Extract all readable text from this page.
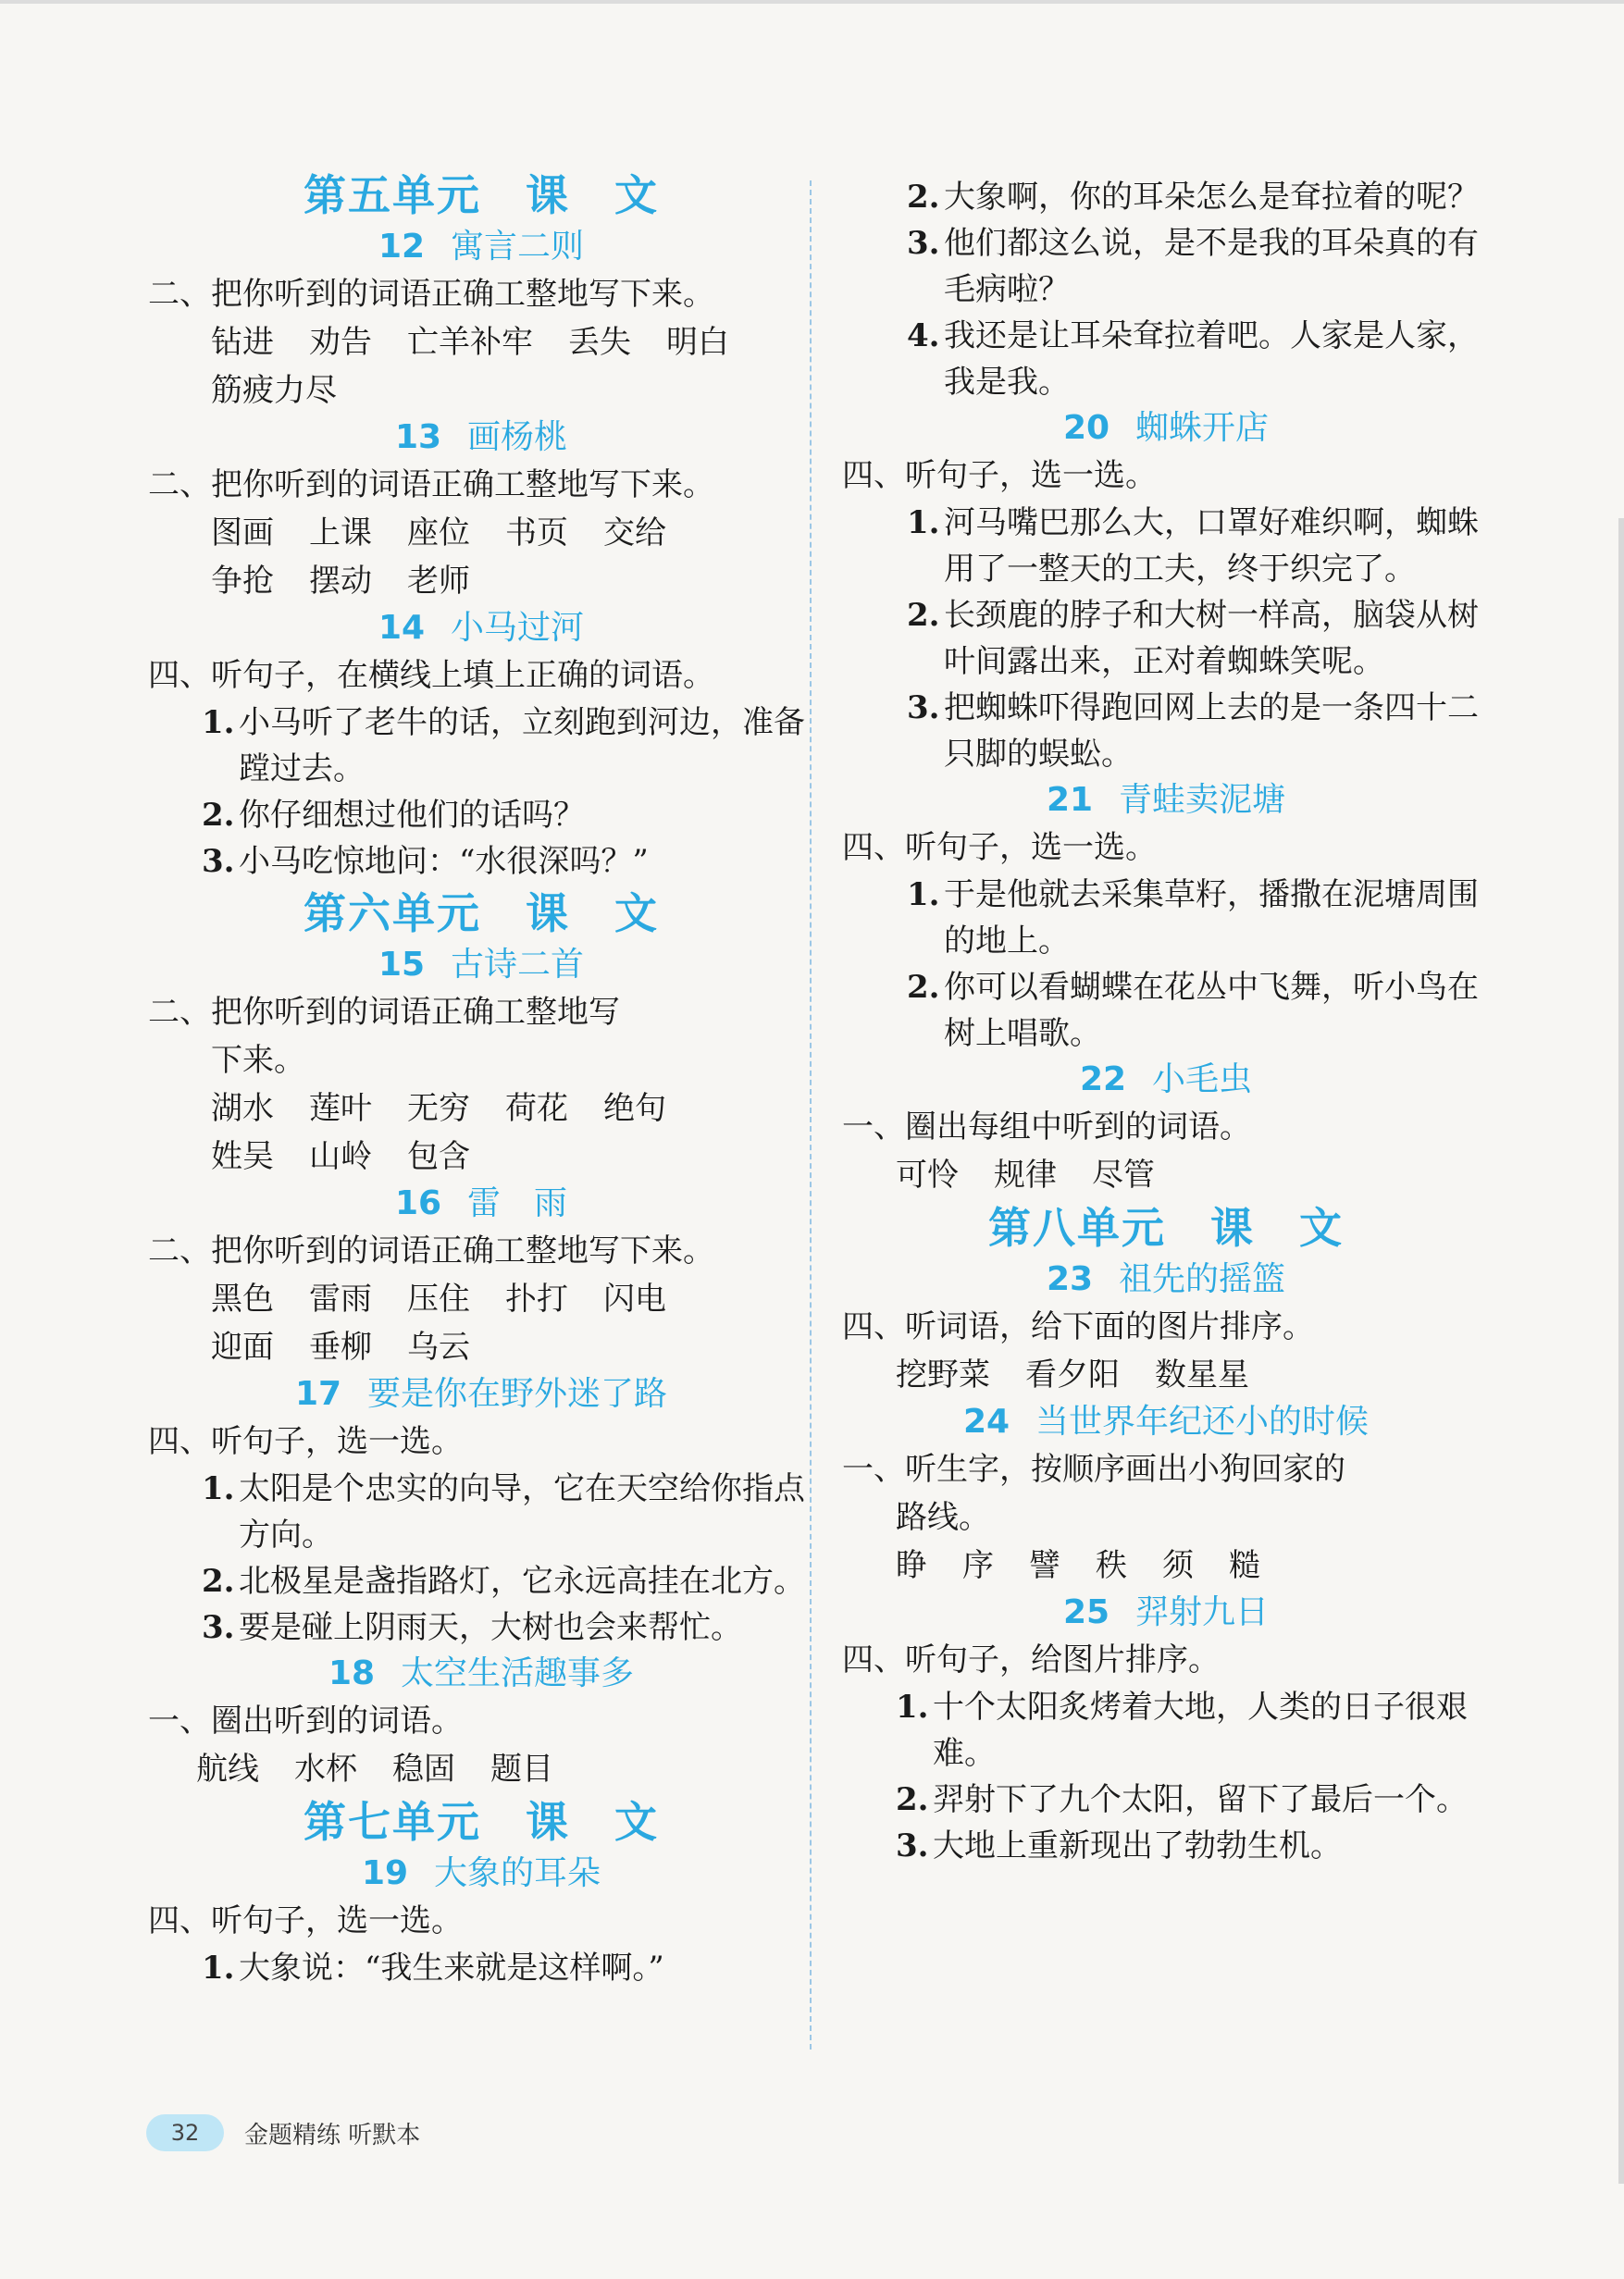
第五单元　课　文
12 寓言二则
二、把你听到的词语正确工整地写下来。
钻进 劝告 亡羊补牢 丢失 明白
筋疲力尽
13 画杨桃
二、把你听到的词语正确工整地写下来。
图画 上课 座位 书页 交给
争抢 摆动 老师
14 小马过河
四、听句子，在横线上填上正确的词语。
1. 小马听了老牛的话，立刻跑到河边，准备蹚过去。
2. 你仔细想过他们的话吗？
3. 小马吃惊地问：“水很深吗？”
第六单元　课　文
15 古诗二首
二、把你听到的词语正确工整地写
下来。
湖水 莲叶 无穷 荷花 绝句
姓吴 山岭 包含
16 雷　雨
二、把你听到的词语正确工整地写下来。
黑色 雷雨 压住 扑打 闪电
迎面 垂柳 乌云
17 要是你在野外迷了路
四、听句子，选一选。
1. 太阳是个忠实的向导，它在天空给你指点方向。
2. 北极星是盏指路灯，它永远高挂在北方。
3. 要是碰上阴雨天，大树也会来帮忙。
18 太空生活趣事多
一、圈出听到的词语。
航线 水杯 稳固 题目
第七单元　课　文
19 大象的耳朵
四、听句子，选一选。
1. 大象说：“我生来就是这样啊。”
2. 大象啊，你的耳朵怎么是耷拉着的呢？
3. 他们都这么说，是不是我的耳朵真的有毛病啦？
4. 我还是让耳朵耷拉着吧。人家是人家，我是我。
20 蜘蛛开店
四、听句子，选一选。
1. 河马嘴巴那么大，口罩好难织啊，蜘蛛用了一整天的工夫，终于织完了。
2. 长颈鹿的脖子和大树一样高，脑袋从树叶间露出来，正对着蜘蛛笑呢。
3. 把蜘蛛吓得跑回网上去的是一条四十二只脚的蜈蚣。
21 青蛙卖泥塘
四、听句子，选一选。
1. 于是他就去采集草籽，播撒在泥塘周围的地上。
2. 你可以看蝴蝶在花丛中飞舞，听小鸟在树上唱歌。
22 小毛虫
一、圈出每组中听到的词语。
可怜 规律 尽管
第八单元　课　文
23 祖先的摇篮
四、听词语，给下面的图片排序。
挖野菜 看夕阳 数星星
24 当世界年纪还小的时候
一、听生字，按顺序画出小狗回家的
路线。
睁 序 譬 秩 须 糙
25 羿射九日
四、听句子，给图片排序。
1. 十个太阳炙烤着大地，人类的日子很艰难。
2. 羿射下了九个太阳，留下了最后一个。
3. 大地上重新现出了勃勃生机。
32	金题精练 听默本
